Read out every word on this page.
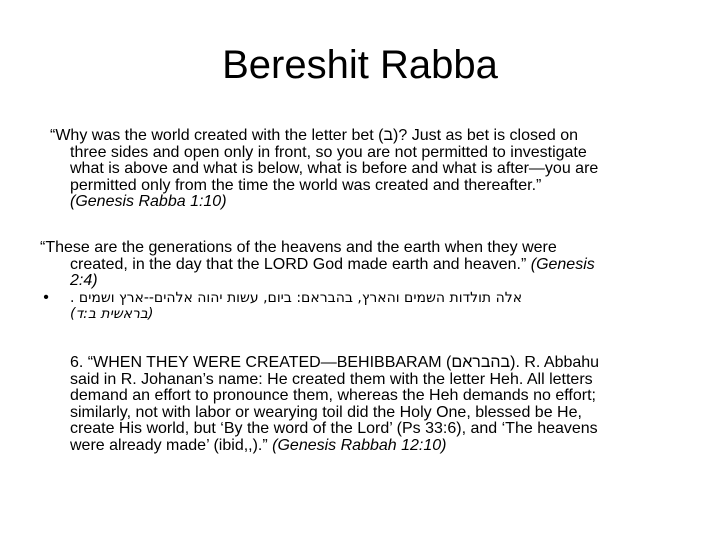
Bereshit Rabba
“Why was the world created with the letter bet (ב)? Just as bet is closed on
three sides and open only in front, so you are not permitted to investigate
what is above and what is below, what is before and what is after—you are
permitted only from the time the world was created and thereafter.”
(Genesis Rabba 1:10)
“These are the generations of the heavens and the earth when they were
created, in the day that the LORD God made earth and heaven.” (Genesis
2:4)
• אלה תולדות השמים והארץ, בהבראם: ביום, עשות יהוה אלהים--ארץ ושמים .
(בראשית ב:ד)
6. “WHEN THEY WERE CREATED—BEHIBBARAM (בהבראם). R. Abbahu
said in R. Johanan’s name: He created them with the letter Heh. All letters
demand an effort to pronounce them, whereas the Heh demands no effort;
similarly, not with labor or wearying toil did the Holy One, blessed be He,
create His world, but ‘By the word of the Lord’ (Ps 33:6), and ‘The heavens
were already made’ (ibid,,).” (Genesis Rabbah 12:10)
